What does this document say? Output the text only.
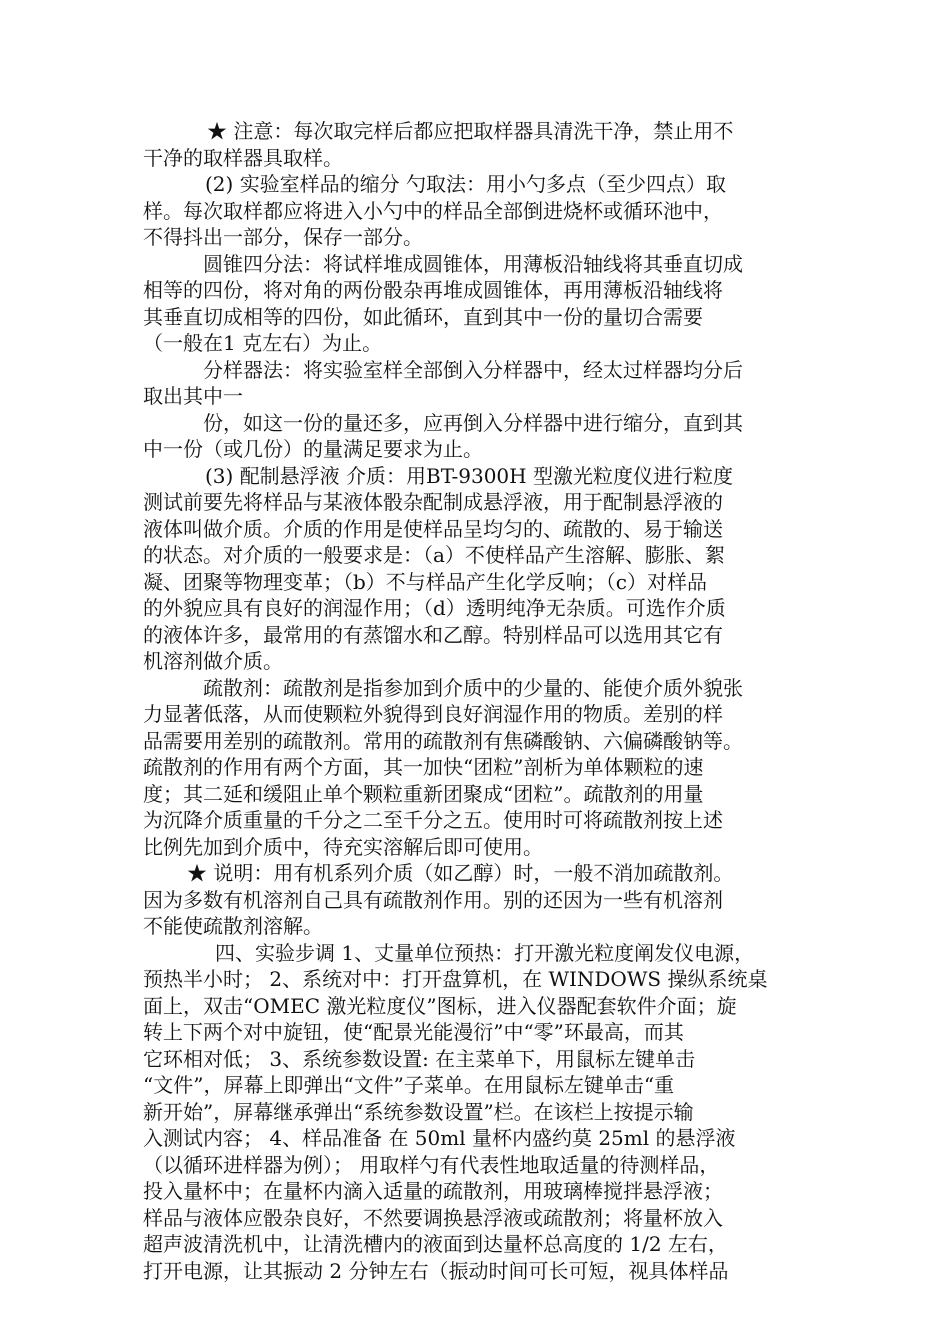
★ 注意：每次取完样后都应把取样器具清洗干净，禁止用不
干净的取样器具取样。
(2) 实验室样品的缩分 勺取法：用小勺多点（至少四点）取
样。每次取样都应将进入小勺中的样品全部倒进烧杯或循环池中，
不得抖出一部分，保存一部分。
圆锥四分法：将试样堆成圆锥体，用薄板沿轴线将其垂直切成
相等的四份，将对角的两份骰杂再堆成圆锥体，再用薄板沿轴线将
其垂直切成相等的四份，如此循环，直到其中一份的量切合需要
（一般在1 克左右）为止。
分样器法：将实验室样全部倒入分样器中，经太过样器均分后
取出其中一
份，如这一份的量还多，应再倒入分样器中进行缩分，直到其
中一份（或几份）的量满足要求为止。
(3) 配制悬浮液 介质：用BT-9300H 型激光粒度仪进行粒度
测试前要先将样品与某液体骰杂配制成悬浮液，用于配制悬浮液的
液体叫做介质。介质的作用是使样品呈均匀的、疏散的、易于输送
的状态。对介质的一般要求是：（a）不使样品产生溶解、膨胀、絮
凝、团聚等物理变革；（b）不与样品产生化学反响；（c）对样品
的外貌应具有良好的润湿作用；（d）透明纯净无杂质。可选作介质
的液体许多，最常用的有蒸馏水和乙醇。特别样品可以选用其它有
机溶剂做介质。
疏散剂：疏散剂是指参加到介质中的少量的、能使介质外貌张
力显著低落，从而使颗粒外貌得到良好润湿作用的物质。差别的样
品需要用差别的疏散剂。常用的疏散剂有焦磷酸钠、六偏磷酸钠等。
疏散剂的作用有两个方面，其一加快“团粒”剖析为单体颗粒的速
度；其二延和缓阻止单个颗粒重新团聚成“团粒”。疏散剂的用量
为沉降介质重量的千分之二至千分之五。使用时可将疏散剂按上述
比例先加到介质中，待充实溶解后即可使用。
★ 说明：用有机系列介质（如乙醇）时，一般不消加疏散剂。
因为多数有机溶剂自己具有疏散剂作用。别的还因为一些有机溶剂
不能使疏散剂溶解。
四、实验步调 1、丈量单位预热：打开激光粒度阐发仪电源，
预热半小时； 2、系统对中：打开盘算机，在 WINDOWS 操纵系统桌
面上，双击“OMEC 激光粒度仪”图标，进入仪器配套软件介面；旋
转上下两个对中旋钮，使“配景光能漫衍”中“零”环最高，而其
它环相对低； 3、系统参数设置: 在主菜单下，用鼠标左键单击
“文件”，屏幕上即弹出“文件”子菜单。在用鼠标左键单击“重
新开始”，屏幕继承弹出“系统参数设置”栏。在该栏上按提示输
入测试内容； 4、样品准备 在 50ml 量杯内盛约莫 25ml 的悬浮液
（以循环进样器为例）； 用取样勺有代表性地取适量的待测样品，
投入量杯中；在量杯内滴入适量的疏散剂，用玻璃棒搅拌悬浮液；
样品与液体应骰杂良好，不然要调换悬浮液或疏散剂；将量杯放入
超声波清洗机中，让清洗槽内的液面到达量杯总高度的 1/2 左右，
打开电源，让其振动 2 分钟左右（振动时间可长可短，视具体样品
